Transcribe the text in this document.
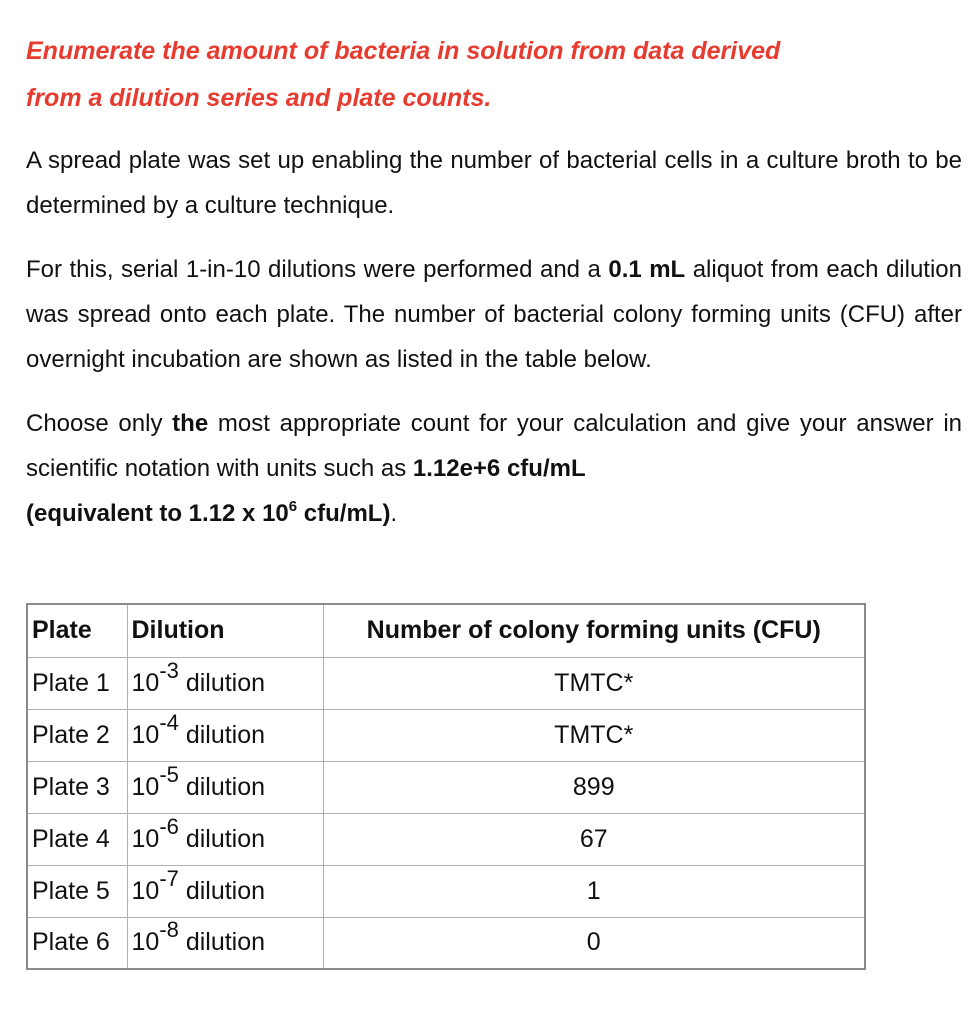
Enumerate the amount of bacteria in solution from data derived
from a dilution series and plate counts.

A spread plate was set up enabling the number of bacterial cells in a culture broth to be determined by a culture technique.

For this, serial 1-in-10 dilutions were performed and a 0.1 mL aliquot from each dilution was spread onto each plate. The number of bacterial colony forming units (CFU) after overnight incubation are shown as listed in the table below.

Choose only the most appropriate count for your calculation and give your answer in scientific notation with units such as 1.12e+6 cfu/mL
(equivalent to 1.12 x $10^6$ cfu/mL).

Plate	Dilution	Number of colony forming units (CFU)
Plate 1	10-3 dilution	TMTC*
Plate 2	10-4 dilution	TMTC*
Plate 3	10-5 dilution	899
Plate 4	10-6 dilution	67
Plate 5	10-7 dilution	1
Plate 6	10-8 dilution	0
